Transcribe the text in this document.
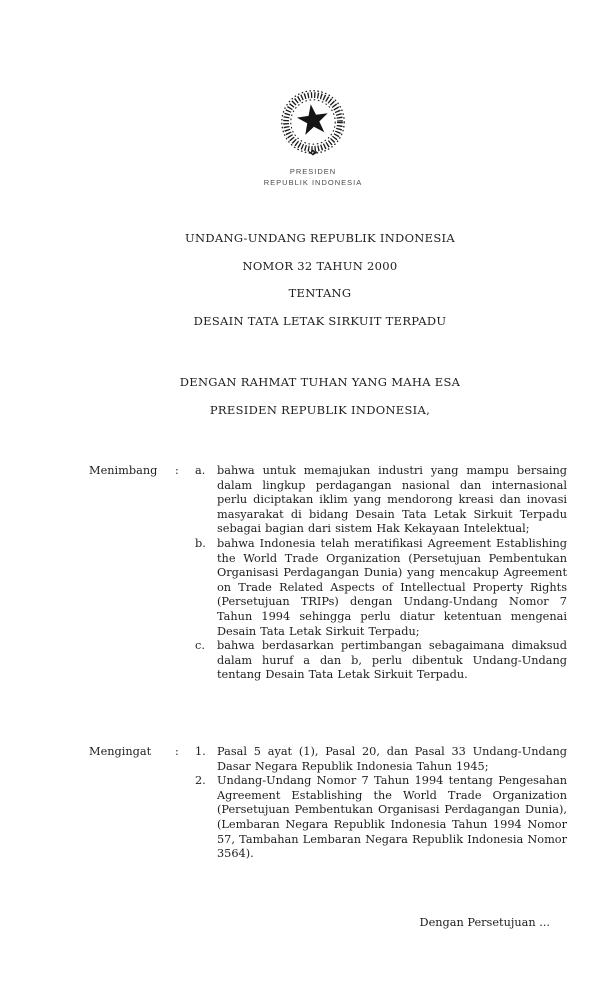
PRESIDEN
REPUBLIK INDONESIA
UNDANG-UNDANG REPUBLIK INDONESIA
NOMOR 32 TAHUN 2000
TENTANG
DESAIN TATA LETAK SIRKUIT TERPADU
DENGAN RAHMAT TUHAN YANG MAHA ESA
PRESIDEN REPUBLIK INDONESIA,
Menimbang	:	a.	bahwa untuk memajukan industri yang mampu bersaing dalam lingkup perdagangan nasional dan internasional perlu diciptakan iklim yang mendorong kreasi dan inovasi masyarakat di bidang Desain Tata Letak Sirkuit Terpadu sebagai bagian dari sistem Hak Kekayaan Intelektual;
b. bahwa Indonesia telah meratifikasi Agreement Establishing the World Trade Organization (Persetujuan Pembentukan Organisasi Perdagangan Dunia) yang mencakup Agreement on Trade Related Aspects of Intellectual Property Rights (Persetujuan TRIPs) dengan Undang-Undang Nomor 7 Tahun 1994 sehingga perlu diatur ketentuan mengenai Desain Tata Letak Sirkuit Terpadu;
c.	bahwa berdasarkan pertimbangan sebagaimana dimaksud dalam huruf a dan b, perlu dibentuk Undang-Undang tentang Desain Tata Letak Sirkuit Terpadu.
Mengingat	:	1. Pasal 5 ayat (1), Pasal 20, dan Pasal 33 Undang-Undang Dasar Negara Republik Indonesia Tahun 1945;
2. Undang-Undang Nomor 7 Tahun 1994 tentang Pengesahan Agreement Establishing the World Trade Organization (Persetujuan Pembentukan Organisasi Perdagangan Dunia), (Lembaran Negara Republik Indonesia Tahun 1994 Nomor 57, Tambahan Lembaran Negara Republik Indonesia Nomor 3564).
Dengan Persetujuan ...
